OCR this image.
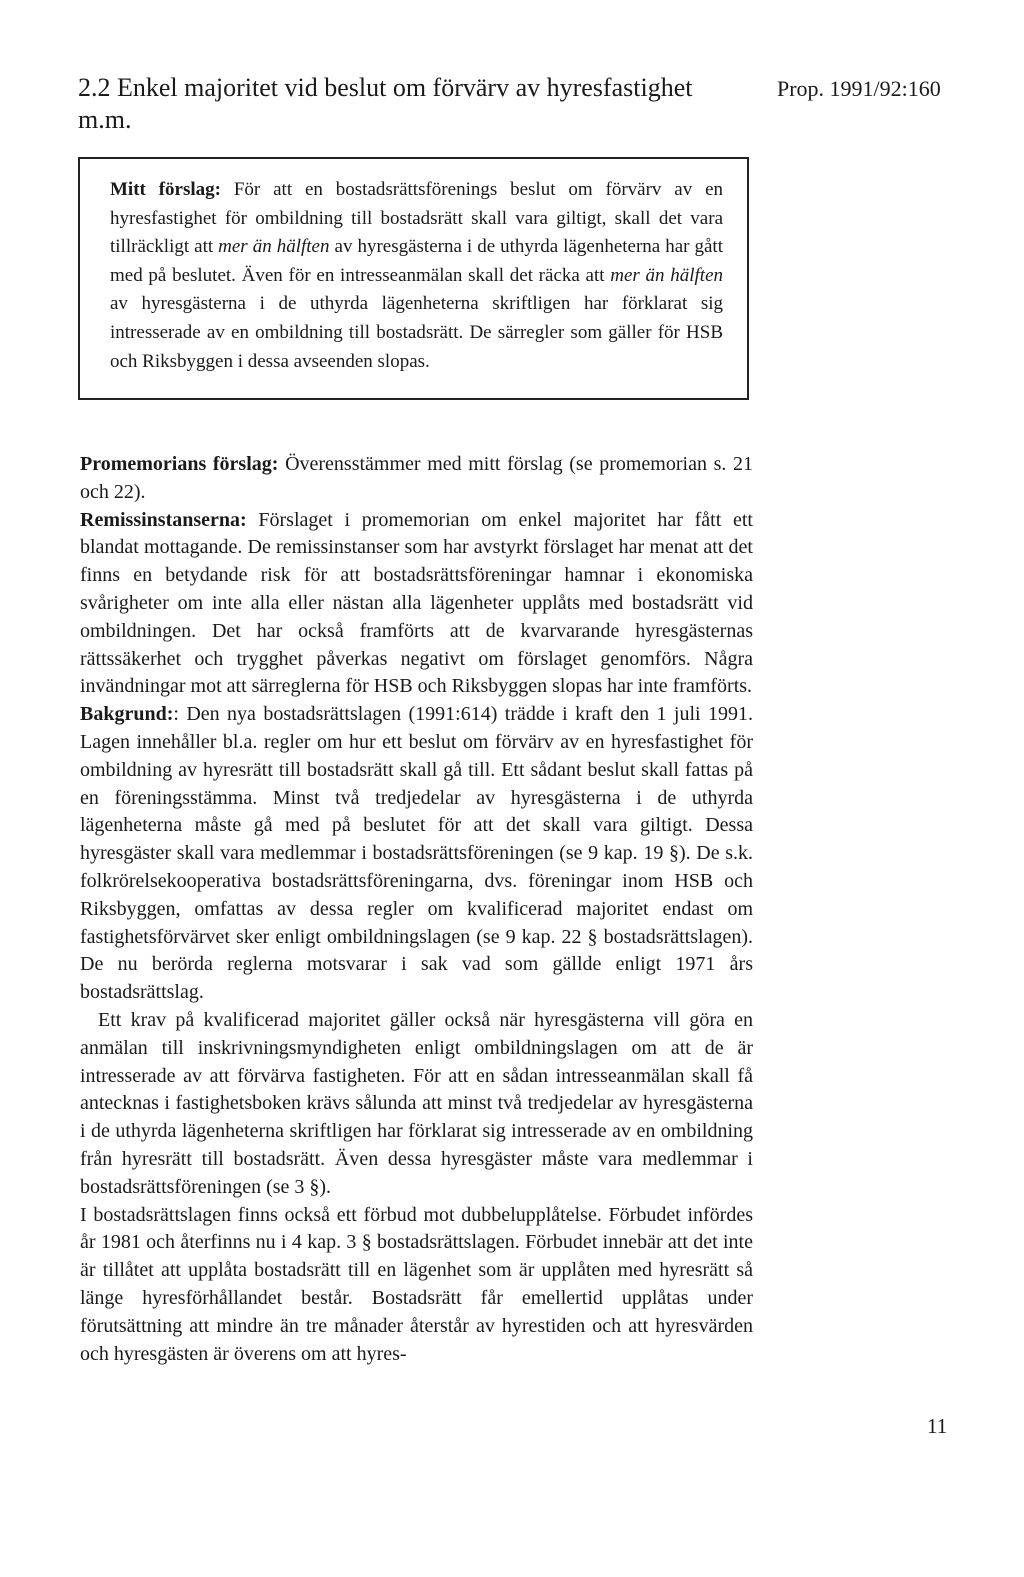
2.2 Enkel majoritet vid beslut om förvärv av hyresfastighet m.m.
Prop. 1991/92:160

Mitt förslag: För att en bostadsrättsförenings beslut om förvärv av en hyresfastighet för ombildning till bostadsrätt skall vara giltigt, skall det vara tillräckligt att mer än hälften av hyresgästerna i de uthyrda lägenheterna har gått med på beslutet. Även för en intresseanmälan skall det räcka att mer än hälften av hyresgästerna i de uthyrda lägenheterna skriftligen har förklarat sig intresserade av en ombildning till bostadsrätt. De särregler som gäller för HSB och Riksbyggen i dessa avseenden slopas.

Promemorians förslag: Överensstämmer med mitt förslag (se promemorian s. 21 och 22).

Remissinstanserna: Förslaget i promemorian om enkel majoritet har fått ett blandat mottagande. De remissinstanser som har avstyrkt förslaget har menat att det finns en betydande risk för att bostadsrättsföreningar hamnar i ekonomiska svårigheter om inte alla eller nästan alla lägenheter upplåts med bostadsrätt vid ombildningen. Det har också framförts att de kvarvarande hyresgästernas rättssäkerhet och trygghet påverkas negativt om förslaget genomförs. Några invändningar mot att särreglerna för HSB och Riksbyggen slopas har inte framförts.

Bakgrund:: Den nya bostadsrättslagen (1991:614) trädde i kraft den 1 juli 1991. Lagen innehåller bl.a. regler om hur ett beslut om förvärv av en hyresfastighet för ombildning av hyresrätt till bostadsrätt skall gå till. Ett sådant beslut skall fattas på en föreningsstämma. Minst två tredjedelar av hyresgästerna i de uthyrda lägenheterna måste gå med på beslutet för att det skall vara giltigt. Dessa hyresgäster skall vara medlemmar i bostadsrättsföreningen (se 9 kap. 19 §). De s.k. folkrörelsekooperativa bostadsrättsföreningarna, dvs. föreningar inom HSB och Riksbyggen, omfattas av dessa regler om kvalificerad majoritet endast om fastighetsförvärvet sker enligt ombildningslagen (se 9 kap. 22 § bostadsrättslagen). De nu berörda reglerna motsvarar i sak vad som gällde enligt 1971 års bostadsrättslag.

Ett krav på kvalificerad majoritet gäller också när hyresgästerna vill göra en anmälan till inskrivningsmyndigheten enligt ombildningslagen om att de är intresserade av att förvärva fastigheten. För att en sådan intresseanmälan skall få antecknas i fastighetsboken krävs sålunda att minst två tredjedelar av hyresgästerna i de uthyrda lägenheterna skriftligen har förklarat sig intresserade av en ombildning från hyresrätt till bostadsrätt. Även dessa hyresgäster måste vara medlemmar i bostadsrättsföreningen (se 3 §).

I bostadsrättslagen finns också ett förbud mot dubbelupplåtelse. Förbudet infördes år 1981 och återfinns nu i 4 kap. 3 § bostadsrättslagen. Förbudet innebär att det inte är tillåtet att upplåta bostadsrätt till en lägenhet som är upplåten med hyresrätt så länge hyresförhållandet består. Bostadsrätt får emellertid upplåtas under förutsättning att mindre än tre månader återstår av hyrestiden och att hyresvärden och hyresgästen är överens om att hyres-

11
